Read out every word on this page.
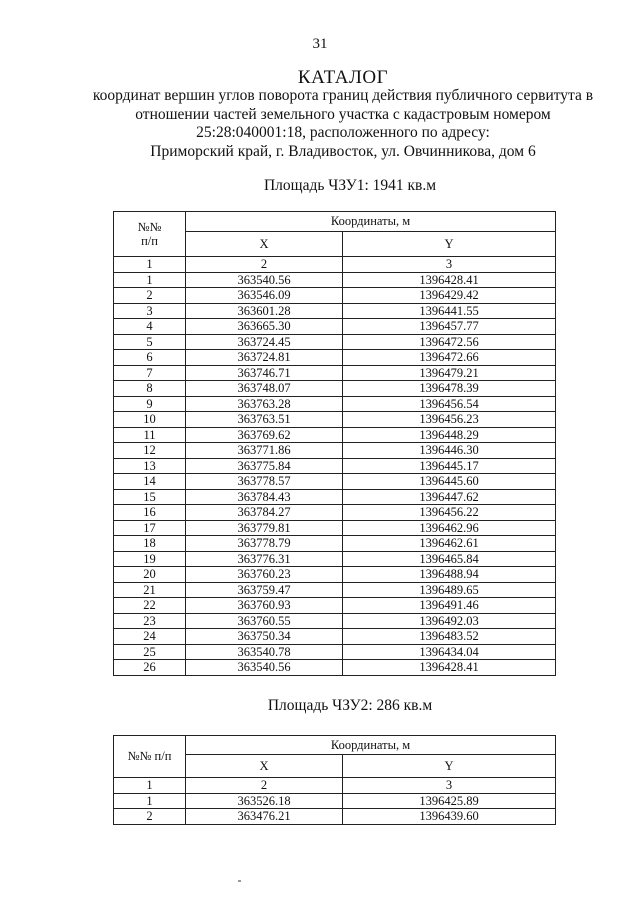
31
КАТАЛОГ
координат вершин углов поворота границ действия публичного сервитута в
отношении частей земельного участка с кадастровым номером
25:28:040001:18, расположенного по адресу:
Приморский край, г. Владивосток, ул. Овчинникова, дом 6
Площадь ЧЗУ1: 1941 кв.м
№№
п/п	Координаты, м	
	X	Y
1	2	3
1	363540.56	1396428.41
2	363546.09	1396429.42
3	363601.28	1396441.55
4	363665.30	1396457.77
5	363724.45	1396472.56
6	363724.81	1396472.66
7	363746.71	1396479.21
8	363748.07	1396478.39
9	363763.28	1396456.54
10	363763.51	1396456.23
11	363769.62	1396448.29
12	363771.86	1396446.30
13	363775.84	1396445.17
14	363778.57	1396445.60
15	363784.43	1396447.62
16	363784.27	1396456.22
17	363779.81	1396462.96
18	363778.79	1396462.61
19	363776.31	1396465.84
20	363760.23	1396488.94
21	363759.47	1396489.65
22	363760.93	1396491.46
23	363760.55	1396492.03
24	363750.34	1396483.52
25	363540.78	1396434.04
26	363540.56	1396428.41
Площадь ЧЗУ2: 286 кв.м
№№ п/п	Координаты, м	
	X	Y
1	2	3
1	363526.18	1396425.89
2	363476.21	1396439.60
